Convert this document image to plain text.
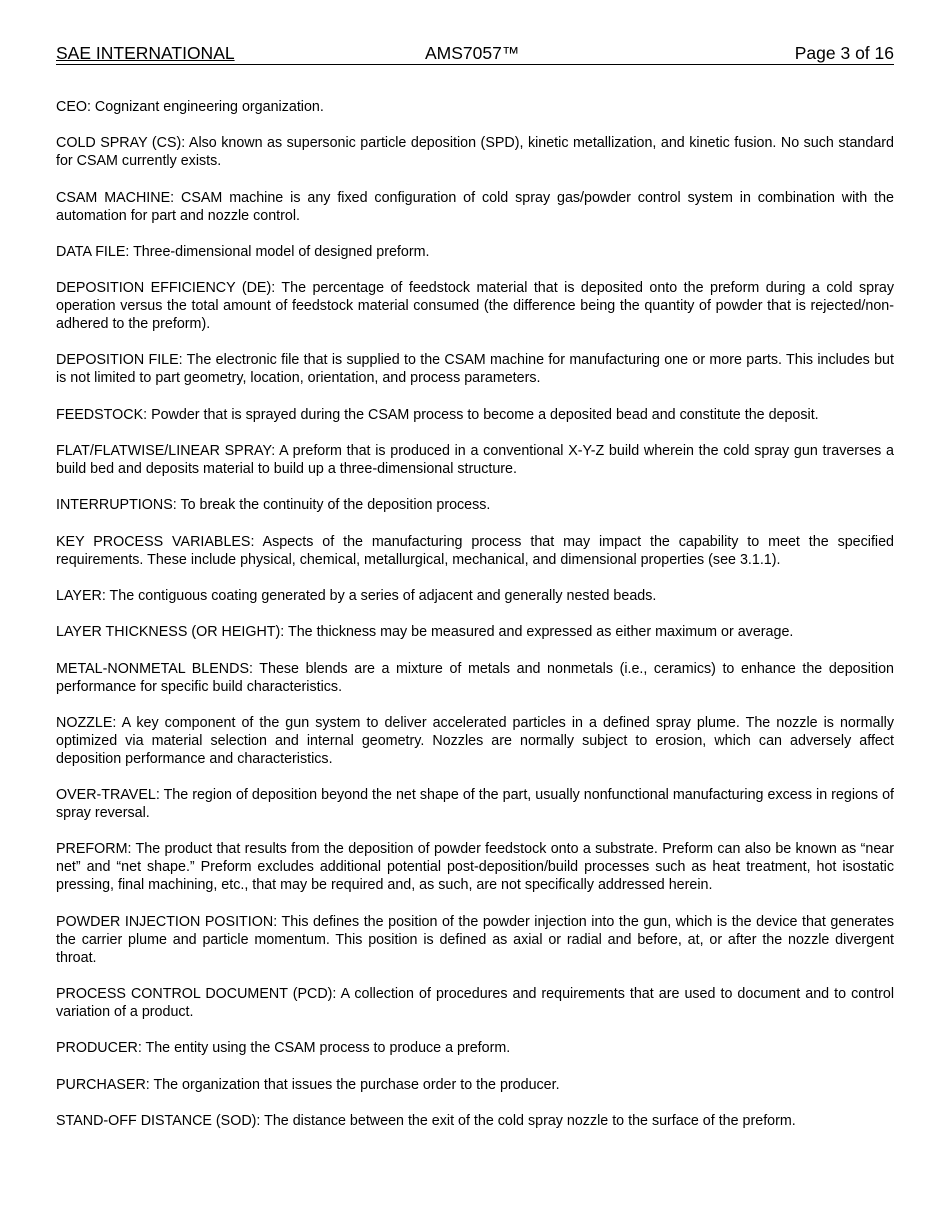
SAE INTERNATIONAL	AMS7057™	Page 3 of 16

CEO: Cognizant engineering organization.

COLD SPRAY (CS): Also known as supersonic particle deposition (SPD), kinetic metallization, and kinetic fusion. No such standard for CSAM currently exists.

CSAM MACHINE: CSAM machine is any fixed configuration of cold spray gas/powder control system in combination with the automation for part and nozzle control.

DATA FILE: Three-dimensional model of designed preform.

DEPOSITION EFFICIENCY (DE): The percentage of feedstock material that is deposited onto the preform during a cold spray operation versus the total amount of feedstock material consumed (the difference being the quantity of powder that is rejected/non-adhered to the preform).

DEPOSITION FILE: The electronic file that is supplied to the CSAM machine for manufacturing one or more parts. This includes but is not limited to part geometry, location, orientation, and process parameters.

FEEDSTOCK: Powder that is sprayed during the CSAM process to become a deposited bead and constitute the deposit.

FLAT/FLATWISE/LINEAR SPRAY: A preform that is produced in a conventional X-Y-Z build wherein the cold spray gun traverses a build bed and deposits material to build up a three-dimensional structure.

INTERRUPTIONS: To break the continuity of the deposition process.

KEY PROCESS VARIABLES: Aspects of the manufacturing process that may impact the capability to meet the specified requirements. These include physical, chemical, metallurgical, mechanical, and dimensional properties (see 3.1.1).

LAYER: The contiguous coating generated by a series of adjacent and generally nested beads.

LAYER THICKNESS (OR HEIGHT): The thickness may be measured and expressed as either maximum or average.

METAL-NONMETAL BLENDS: These blends are a mixture of metals and nonmetals (i.e., ceramics) to enhance the deposition performance for specific build characteristics.

NOZZLE: A key component of the gun system to deliver accelerated particles in a defined spray plume. The nozzle is normally optimized via material selection and internal geometry. Nozzles are normally subject to erosion, which can adversely affect deposition performance and characteristics.

OVER-TRAVEL: The region of deposition beyond the net shape of the part, usually nonfunctional manufacturing excess in regions of spray reversal.

PREFORM: The product that results from the deposition of powder feedstock onto a substrate. Preform can also be known as “near net” and “net shape.” Preform excludes additional potential post-deposition/build processes such as heat treatment, hot isostatic pressing, final machining, etc., that may be required and, as such, are not specifically addressed herein.

POWDER INJECTION POSITION: This defines the position of the powder injection into the gun, which is the device that generates the carrier plume and particle momentum. This position is defined as axial or radial and before, at, or after the nozzle divergent throat.

PROCESS CONTROL DOCUMENT (PCD): A collection of procedures and requirements that are used to document and to control variation of a product.

PRODUCER: The entity using the CSAM process to produce a preform.

PURCHASER: The organization that issues the purchase order to the producer.

STAND-OFF DISTANCE (SOD): The distance between the exit of the cold spray nozzle to the surface of the preform.
